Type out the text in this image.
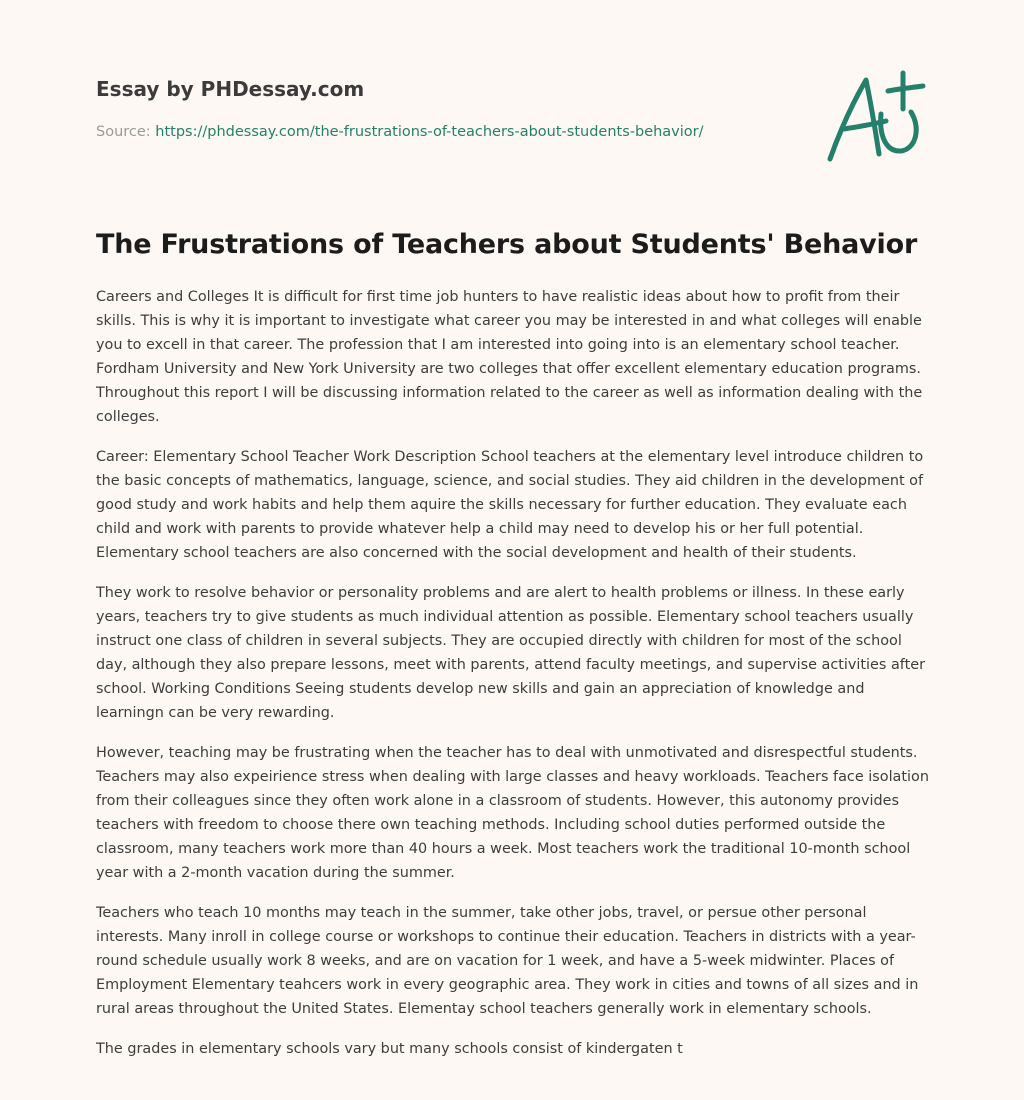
Essay by PHDessay.com
Source: https://phdessay.com/the-frustrations-of-teachers-about-students-behavior/
The Frustrations of Teachers about Students' Behavior

Careers and Colleges It is difficult for first time job hunters to have realistic ideas about how to profit from their skills. This is why it is important to investigate what career you may be interested in and what colleges will enable you to excell in that career. The profession that I am interested into going into is an elementary school teacher. Fordham University and New York University are two colleges that offer excellent elementary education programs. Throughout this report I will be discussing information related to the career as well as information dealing with the colleges.

Career: Elementary School Teacher Work Description School teachers at the elementary level introduce children to the basic concepts of mathematics, language, science, and social studies. They aid children in the development of good study and work habits and help them aquire the skills necessary for further education. They evaluate each child and work with parents to provide whatever help a child may need to develop his or her full potential. Elementary school teachers are also concerned with the social development and health of their students.

They work to resolve behavior or personality problems and are alert to health problems or illness. In these early years, teachers try to give students as much individual attention as possible. Elementary school teachers usually instruct one class of children in several subjects. They are occupied directly with children for most of the school day, although they also prepare lessons, meet with parents, attend faculty meetings, and supervise activities after school. Working Conditions Seeing students develop new skills and gain an appreciation of knowledge and learningn can be very rewarding.

However, teaching may be frustrating when the teacher has to deal with unmotivated and disrespectful students. Teachers may also expeirience stress when dealing with large classes and heavy workloads. Teachers face isolation from their colleagues since they often work alone in a classroom of students. However, this autonomy provides teachers with freedom to choose there own teaching methods. Including school duties performed outside the classroom, many teachers work more than 40 hours a week. Most teachers work the traditional 10-month school year with a 2-month vacation during the summer.

Teachers who teach 10 months may teach in the summer, take other jobs, travel, or persue other personal interests. Many inroll in college course or workshops to continue their education. Teachers in districts with a year-round schedule usually work 8 weeks, and are on vacation for 1 week, and have a 5-week midwinter. Places of Employment Elementary teahcers work in every geographic area. They work in cities and towns of all sizes and in rural areas throughout the United States. Elementay school teachers generally work in elementary schools.

The grades in elementary schools vary but many schools consist of kindergaten t
